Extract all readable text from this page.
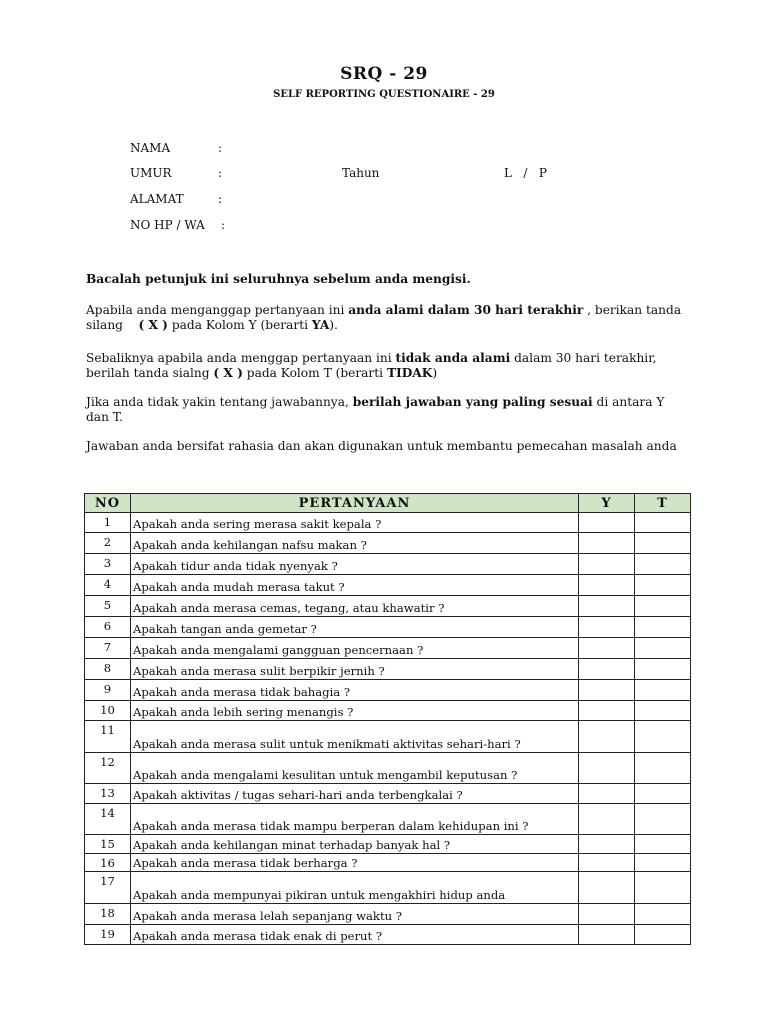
SRQ - 29
SELF REPORTING QUESTIONAIRE - 29
NAMA	:
UMUR	:	Tahun	L   /   P
ALAMAT	:
NO HP / WA :
Bacalah petunjuk ini seluruhnya sebelum anda mengisi.
Apabila anda menganggap pertanyaan ini anda alami dalam 30 hari terakhir , berikan tanda silang    ( X ) pada Kolom Y (berarti YA).
Sebaliknya apabila anda menggap pertanyaan ini tidak anda alami dalam 30 hari terakhir, berilah tanda sialng ( X ) pada Kolom T (berarti TIDAK)
Jika anda tidak yakin tentang jawabannya, berilah jawaban yang paling sesuai di antara Y dan T.
Jawaban anda bersifat rahasia dan akan digunakan untuk membantu pemecahan masalah anda
NO	PERTANYAAN	Y	T
1	Apakah anda sering merasa sakit kepala ?		
2	Apakah anda kehilangan nafsu makan ?		
3	Apakah tidur anda tidak nyenyak ?		
4	Apakah anda mudah merasa takut ?		
5	Apakah anda merasa cemas, tegang, atau khawatir ?		
6	Apakah tangan anda gemetar ?		
7	Apakah anda mengalami gangguan pencernaan ?		
8	Apakah anda merasa sulit berpikir jernih ?		
9	Apakah anda merasa tidak bahagia ?		
10	Apakah anda lebih sering menangis ?		
11	Apakah anda merasa sulit untuk menikmati aktivitas sehari-hari ?		
12	Apakah anda mengalami kesulitan untuk mengambil keputusan ?		
13	Apakah aktivitas / tugas sehari-hari anda terbengkalai ?		
14	Apakah anda merasa tidak mampu berperan dalam kehidupan ini ?		
15	Apakah anda kehilangan minat terhadap banyak hal ?		
16	Apakah anda merasa tidak berharga ?		
17	Apakah anda mempunyai pikiran untuk mengakhiri hidup anda		
18	Apakah anda merasa lelah sepanjang waktu ?		
19	Apakah anda merasa tidak enak di perut ?		
